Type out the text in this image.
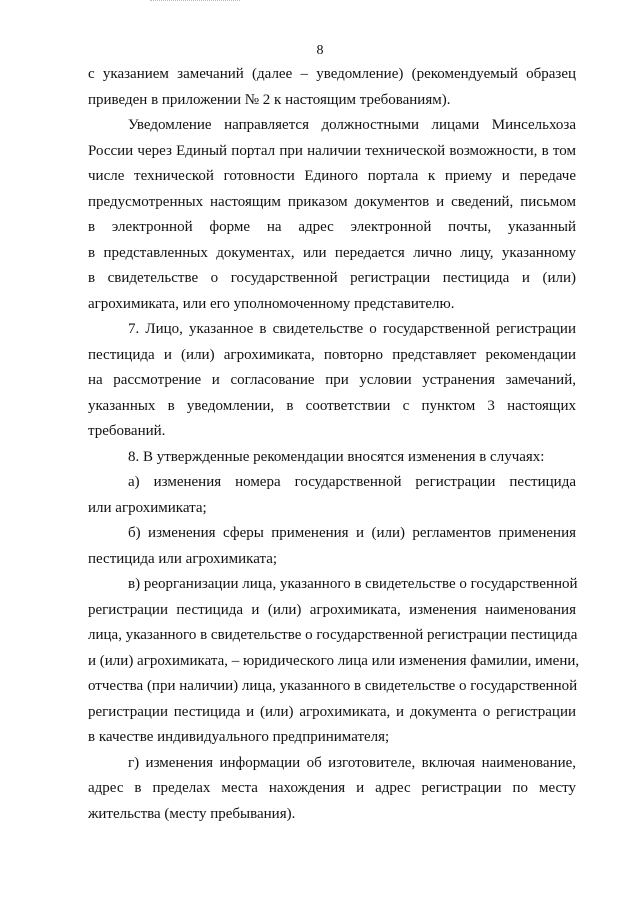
8
с указанием замечаний (далее – уведомление) (рекомендуемый образец
приведен в приложении № 2 к настоящим требованиям).
Уведомление направляется должностными лицами Минсельхоза
России через Единый портал при наличии технической возможности, в том
числе технической готовности Единого портала к приему и передаче
предусмотренных настоящим приказом документов и сведений, письмом
в электронной форме на адрес электронной почты, указанный
в представленных документах, или передается лично лицу, указанному
в свидетельстве о государственной регистрации пестицида и (или)
агрохимиката, или его уполномоченному представителю.
7. Лицо, указанное в свидетельстве о государственной регистрации
пестицида и (или) агрохимиката, повторно представляет рекомендации
на рассмотрение и согласование при условии устранения замечаний,
указанных в уведомлении, в соответствии с пунктом 3 настоящих
требований.
8. В утвержденные рекомендации вносятся изменения в случаях:
а) изменения номера государственной регистрации пестицида
или агрохимиката;
б) изменения сферы применения и (или) регламентов применения
пестицида или агрохимиката;
в) реорганизации лица, указанного в свидетельстве о государственной
регистрации пестицида и (или) агрохимиката, изменения наименования
лица, указанного в свидетельстве о государственной регистрации пестицида
и (или) агрохимиката, – юридического лица или изменения фамилии, имени,
отчества (при наличии) лица, указанного в свидетельстве о государственной
регистрации пестицида и (или) агрохимиката, и документа о регистрации
в качестве индивидуального предпринимателя;
г) изменения информации об изготовителе, включая наименование,
адрес в пределах места нахождения и адрес регистрации по месту
жительства (месту пребывания).
